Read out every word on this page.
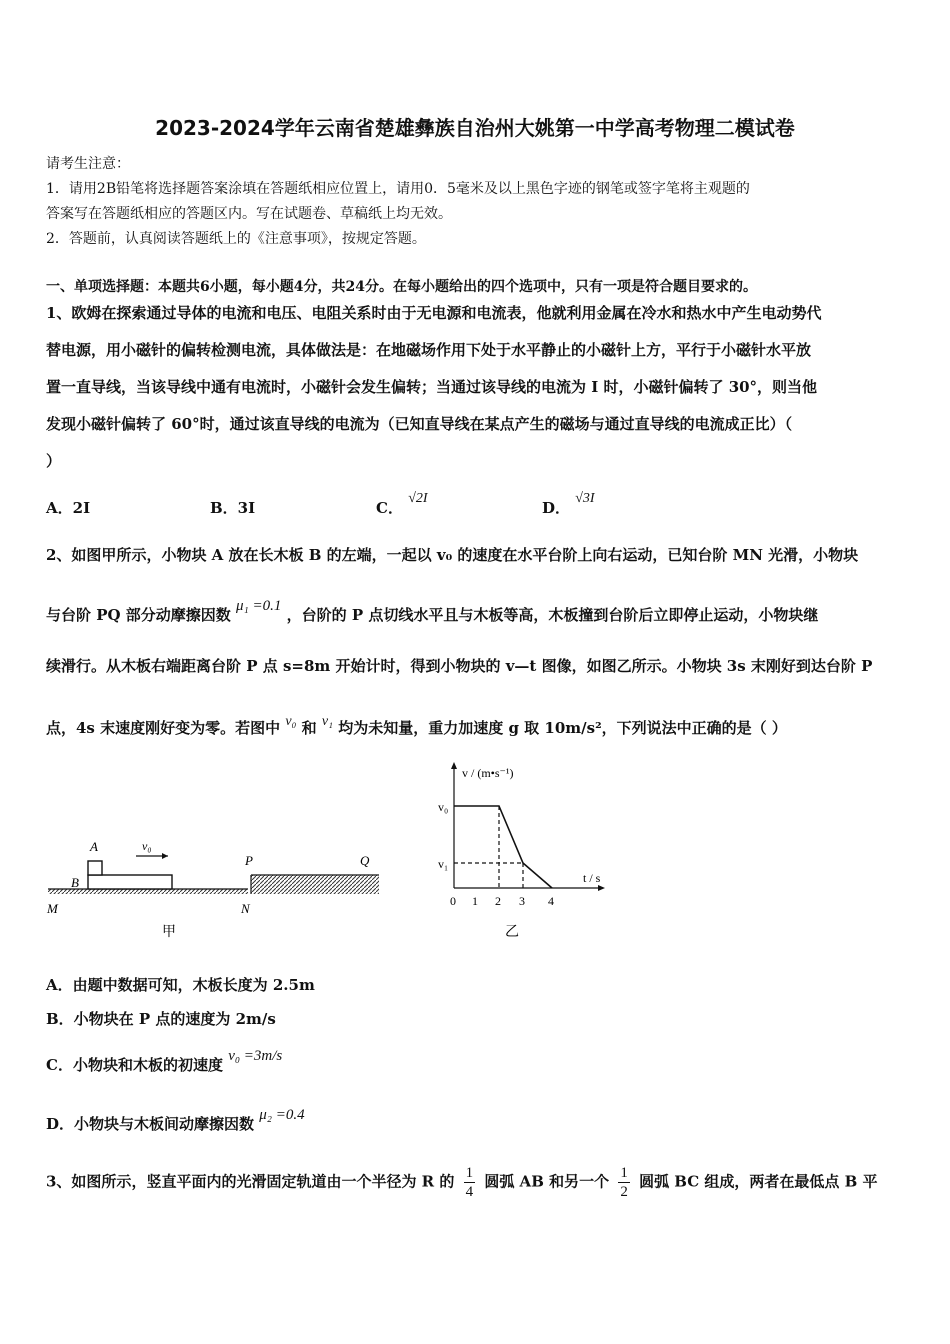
2023-2024学年云南省楚雄彝族自治州大姚第一中学高考物理二模试卷
请考生注意：
1．请用2B铅笔将选择题答案涂填在答题纸相应位置上，请用0．5毫米及以上黑色字迹的钢笔或签字笔将主观题的
答案写在答题纸相应的答题区内。写在试题卷、草稿纸上均无效。
2．答题前，认真阅读答题纸上的《注意事项》，按规定答题。
一、单项选择题：本题共6小题，每小题4分，共24分。在每小题给出的四个选项中，只有一项是符合题目要求的。
1、欧姆在探索通过导体的电流和电压、电阻关系时由于无电源和电流表，他就利用金属在冷水和热水中产生电动势代
替电源，用小磁针的偏转检测电流，具体做法是：在地磁场作用下处于水平静止的小磁针上方，平行于小磁针水平放
置一直导线，当该导线中通有电流时，小磁针会发生偏转；当通过该导线的电流为 I 时，小磁针偏转了 30°，则当他
发现小磁针偏转了 60°时，通过该直导线的电流为（已知直导线在某点产生的磁场与通过直导线的电流成正比）（
）
A．2I	B．3I	C． √2I
D． √3I
2、如图甲所示，小物块 A 放在长木板 B 的左端，一起以 v₀ 的速度在水平台阶上向右运动，已知台阶 MN 光滑，小物块
与台阶 PQ 部分动摩擦因数 μ₁ =0.1 ，台阶的 P 点切线水平且与木板等高，木板撞到台阶后立即停止运动，小物块继
续滑行。从木板右端距离台阶 P 点 s=8m 开始计时，得到小物块的 v—t 图像，如图乙所示。小物块 3s 末刚好到达台阶 P
点，4s 末速度刚好变为零。若图中 v₀ 和 v₁ 均为未知量，重力加速度 g 取 10m/s²，下列说法中正确的是（ ）
A
B
v₀
P	Q
M	N
甲
v / (m•s⁻¹)
t / s
v₀
v₁
0 1 2 3 4
乙
A．由题中数据可知，木板长度为 2.5m
B．小物块在 P 点的速度为 2m/s
C．小物块和木板的初速度 v₀ =3m/s
D．小物块与木板间动摩擦因数 μ₂ =0.4
3、如图所示，竖直平面内的光滑固定轨道由一个半径为 R 的 $\frac{1}{4}$ 圆弧 AB 和另一个 $\frac{1}{2}$ 圆弧 BC 组成，两者在最低点 B 平
